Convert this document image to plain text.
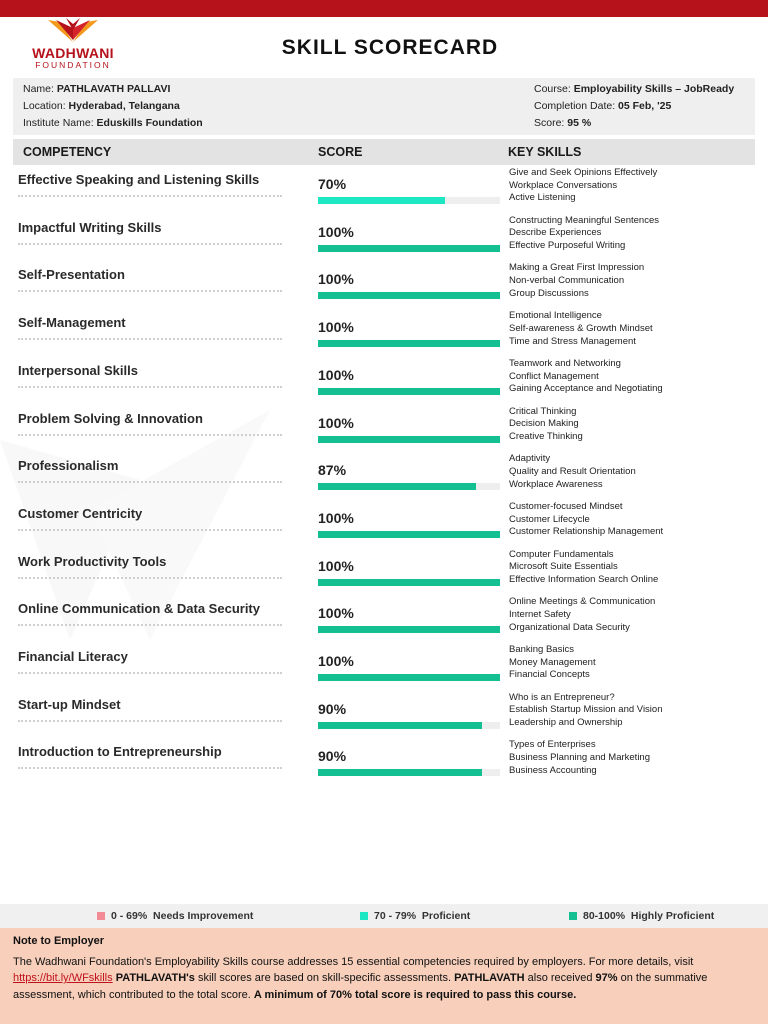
WADHWANI
FOUNDATION
SKILL SCORECARD
Name: PATHLAVATH PALLAVI
Location: Hyderabad, Telangana
Institute Name: Eduskills Foundation
Course: Employability Skills – JobReady
Completion Date: 05 Feb, '25
Score: 95 %
COMPETENCY	SCORE	KEY SKILLS
Effective Speaking and Listening Skills	70%
Give and Seek Opinions Effectively
Workplace Conversations
Active Listening
Impactful Writing Skills	100%
Constructing Meaningful Sentences
Describe Experiences
Effective Purposeful Writing
Self-Presentation	100%
Making a Great First Impression
Non-verbal Communication
Group Discussions
Self-Management	100%
Emotional Intelligence
Self-awareness & Growth Mindset
Time and Stress Management
Interpersonal Skills	100%
Teamwork and Networking
Conflict Management
Gaining Acceptance and Negotiating
Problem Solving & Innovation	100%
Critical Thinking
Decision Making
Creative Thinking
Professionalism	87%
Adaptivity
Quality and Result Orientation
Workplace Awareness
Customer Centricity	100%
Customer-focused Mindset
Customer Lifecycle
Customer Relationship Management
Work Productivity Tools	100%
Computer Fundamentals
Microsoft Suite Essentials
Effective Information Search Online
Online Communication & Data Security	100%
Online Meetings & Communication
Internet Safety
Organizational Data Security
Financial Literacy	100%
Banking Basics
Money Management
Financial Concepts
Start-up Mindset	90%
Who is an Entrepreneur?
Establish Startup Mission and Vision
Leadership and Ownership
Introduction to Entrepreneurship	90%
Types of Enterprises
Business Planning and Marketing
Business Accounting
0 - 69% Needs Improvement	70 - 79% Proficient	80-100% Highly Proficient
Note to Employer
The Wadhwani Foundation's Employability Skills course addresses 15 essential competencies required by employers. For more details, visit https://bit.ly/WFskills PATHLAVATH's skill scores are based on skill-specific assessments. PATHLAVATH also received 97% on the summative assessment, which contributed to the total score. A minimum of 70% total score is required to pass this course.
